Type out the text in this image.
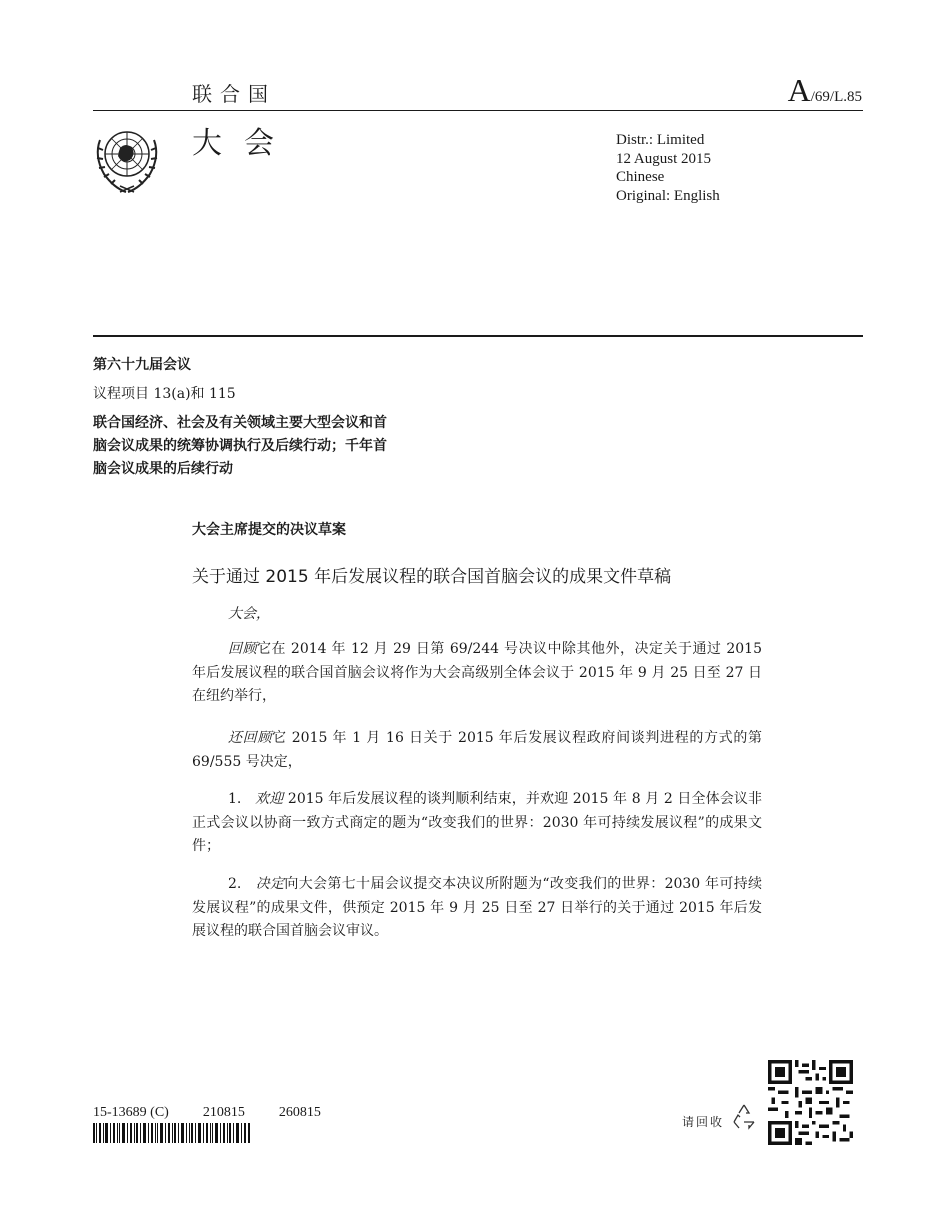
联合国	A/69/L.85
大会	Distr.: Limited
12 August 2015
Chinese
Original: English
第六十九届会议
议程项目 13(a)和 115
联合国经济、社会及有关领域主要大型会议和首脑会议成果的统筹协调执行及后续行动；千年首脑会议成果的后续行动
大会主席提交的决议草案
关于通过 2015 年后发展议程的联合国首脑会议的成果文件草稿

大会，

回顾它在 2014 年 12 月 29 日第 69/244 号决议中除其他外，决定关于通过 2015 年后发展议程的联合国首脑会议将作为大会高级别全体会议于 2015 年 9 月 25 日至 27 日在纽约举行，

还回顾它 2015 年 1 月 16 日关于 2015 年后发展议程政府间谈判进程的方式的第 69/555 号决定，

1. 欢迎 2015 年后发展议程的谈判顺利结束，并欢迎 2015 年 8 月 2 日全体会议非正式会议以协商一致方式商定的题为“改变我们的世界：2030 年可持续发展议程”的成果文件；

2. 决定向大会第七十届会议提交本决议所附题为“改变我们的世界：2030 年可持续发展议程”的成果文件，供预定 2015 年 9 月 25 日至 27 日举行的关于通过 2015 年后发展议程的联合国首脑会议审议。

15-13689 (C) 210815 260815
请回收
